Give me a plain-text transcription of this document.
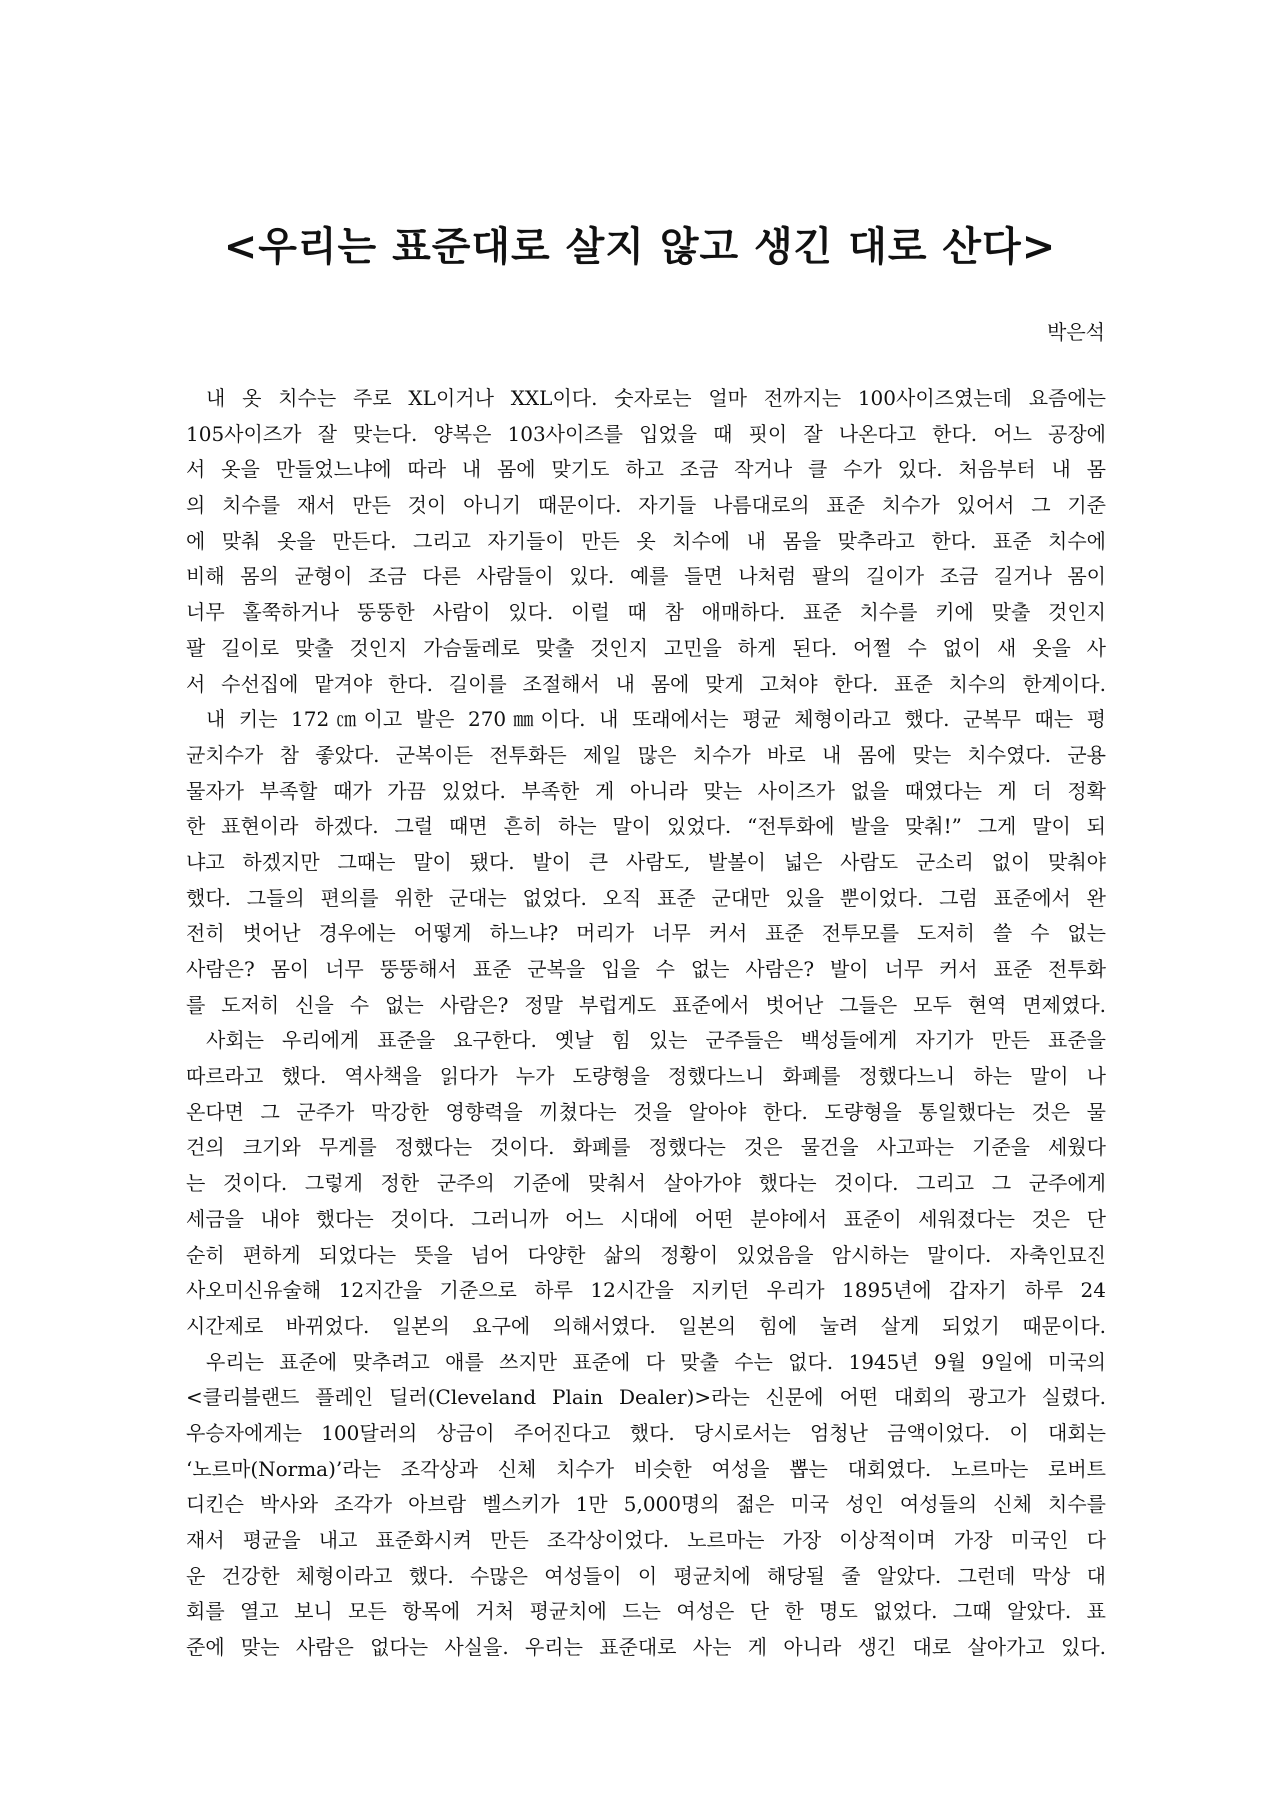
<우리는 표준대로 살지 않고 생긴 대로 산다>
박은석
내 옷 치수는 주로 XL이거나 XXL이다. 숫자로는 얼마 전까지는 100사이즈였는데 요즘에는
105사이즈가 잘 맞는다. 양복은 103사이즈를 입었을 때 핏이 잘 나온다고 한다. 어느 공장에
서 옷을 만들었느냐에 따라 내 몸에 맞기도 하고 조금 작거나 클 수가 있다. 처음부터 내 몸
의 치수를 재서 만든 것이 아니기 때문이다. 자기들 나름대로의 표준 치수가 있어서 그 기준
에 맞춰 옷을 만든다. 그리고 자기들이 만든 옷 치수에 내 몸을 맞추라고 한다. 표준 치수에
비해 몸의 균형이 조금 다른 사람들이 있다. 예를 들면 나처럼 팔의 길이가 조금 길거나 몸이
너무 홀쭉하거나 뚱뚱한 사람이 있다. 이럴 때 참 애매하다. 표준 치수를 키에 맞출 것인지
팔 길이로 맞출 것인지 가슴둘레로 맞출 것인지 고민을 하게 된다. 어쩔 수 없이 새 옷을 사
서 수선집에 맡겨야 한다. 길이를 조절해서 내 몸에 맞게 고쳐야 한다. 표준 치수의 한계이다.
내 키는 172㎝이고 발은 270㎜이다. 내 또래에서는 평균 체형이라고 했다. 군복무 때는 평
균치수가 참 좋았다. 군복이든 전투화든 제일 많은 치수가 바로 내 몸에 맞는 치수였다. 군용
물자가 부족할 때가 가끔 있었다. 부족한 게 아니라 맞는 사이즈가 없을 때였다는 게 더 정확
한 표현이라 하겠다. 그럴 때면 흔히 하는 말이 있었다. “전투화에 발을 맞춰!” 그게 말이 되
냐고 하겠지만 그때는 말이 됐다. 발이 큰 사람도, 발볼이 넓은 사람도 군소리 없이 맞춰야
했다. 그들의 편의를 위한 군대는 없었다. 오직 표준 군대만 있을 뿐이었다. 그럼 표준에서 완
전히 벗어난 경우에는 어떻게 하느냐? 머리가 너무 커서 표준 전투모를 도저히 쓸 수 없는
사람은? 몸이 너무 뚱뚱해서 표준 군복을 입을 수 없는 사람은? 발이 너무 커서 표준 전투화
를 도저히 신을 수 없는 사람은? 정말 부럽게도 표준에서 벗어난 그들은 모두 현역 면제였다.
사회는 우리에게 표준을 요구한다. 옛날 힘 있는 군주들은 백성들에게 자기가 만든 표준을
따르라고 했다. 역사책을 읽다가 누가 도량형을 정했다느니 화폐를 정했다느니 하는 말이 나
온다면 그 군주가 막강한 영향력을 끼쳤다는 것을 알아야 한다. 도량형을 통일했다는 것은 물
건의 크기와 무게를 정했다는 것이다. 화폐를 정했다는 것은 물건을 사고파는 기준을 세웠다
는 것이다. 그렇게 정한 군주의 기준에 맞춰서 살아가야 했다는 것이다. 그리고 그 군주에게
세금을 내야 했다는 것이다. 그러니까 어느 시대에 어떤 분야에서 표준이 세워졌다는 것은 단
순히 편하게 되었다는 뜻을 넘어 다양한 삶의 정황이 있었음을 암시하는 말이다. 자축인묘진
사오미신유술해 12지간을 기준으로 하루 12시간을 지키던 우리가 1895년에 갑자기 하루 24
시간제로 바뀌었다. 일본의 요구에 의해서였다. 일본의 힘에 눌려 살게 되었기 때문이다.
우리는 표준에 맞추려고 애를 쓰지만 표준에 다 맞출 수는 없다. 1945년 9월 9일에 미국의
<클리블랜드 플레인 딜러(Cleveland Plain Dealer)>라는 신문에 어떤 대회의 광고가 실렸다.
우승자에게는 100달러의 상금이 주어진다고 했다. 당시로서는 엄청난 금액이었다. 이 대회는
‘노르마(Norma)’라는 조각상과 신체 치수가 비슷한 여성을 뽑는 대회였다. 노르마는 로버트
디킨슨 박사와 조각가 아브람 벨스키가 1만 5,000명의 젊은 미국 성인 여성들의 신체 치수를
재서 평균을 내고 표준화시켜 만든 조각상이었다. 노르마는 가장 이상적이며 가장 미국인 다
운 건강한 체형이라고 했다. 수많은 여성들이 이 평균치에 해당될 줄 알았다. 그런데 막상 대
회를 열고 보니 모든 항목에 거처 평균치에 드는 여성은 단 한 명도 없었다. 그때 알았다. 표
준에 맞는 사람은 없다는 사실을. 우리는 표준대로 사는 게 아니라 생긴 대로 살아가고 있다.
